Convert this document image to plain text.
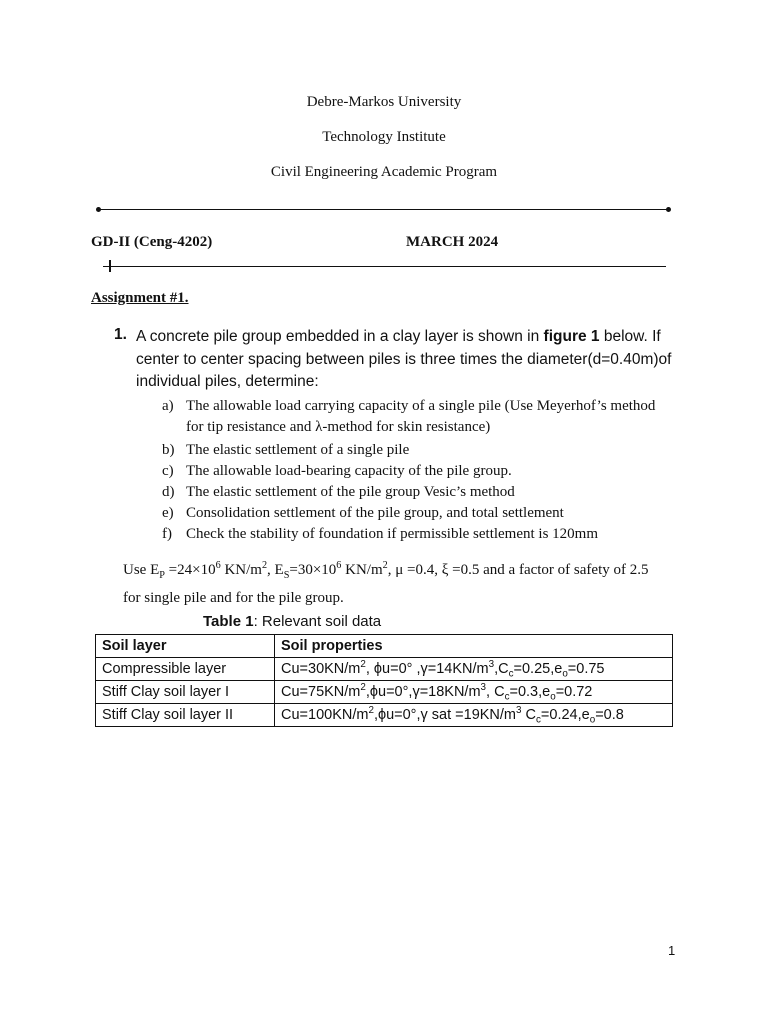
Debre-Markos University
Technology Institute
Civil Engineering Academic Program
GD-II (Ceng-4202)	MARCH 2024
Assignment #1.
1. A concrete pile group embedded in a clay layer is shown in figure 1 below. If center to center spacing between piles is three times the diameter(d=0.40m)of individual piles, determine:
a) The allowable load carrying capacity of a single pile (Use Meyerhof’s method for tip resistance and λ-method for skin resistance)
b) The elastic settlement of a single pile
c) The allowable load-bearing capacity of the pile group.
d) The elastic settlement of the pile group Vesic’s method
e) Consolidation settlement of the pile group, and total settlement
f) Check the stability of foundation if permissible settlement is 120mm
Use $E_P =24\times 10^6$ $KN/m^2$, $E_S=30\times 10^6$ $KN/m^2$, μ =0.4, ξ =0.5 and a factor of safety of 2.5 for single pile and for the pile group.
Table 1: Relevant soil data
Soil layer	Soil properties
Compressible layer	$Cu=30KN/m^2$, ϕu=0° $,\gamma=14KN/m^3,C_c=0.25,e_o=0.75$
Stiff Clay soil layer I	$Cu=75KN/m^2,\phi u=0^\circ,\gamma=18KN/m^3$, $C_c=0.3,e_o=0.72$
Stiff Clay soil layer II	$Cu=100KN/m^2,\phi u=0^\circ,\gamma$ sat $=19KN/m^3$ $C_c=0.24,e_o=0.8$
1
